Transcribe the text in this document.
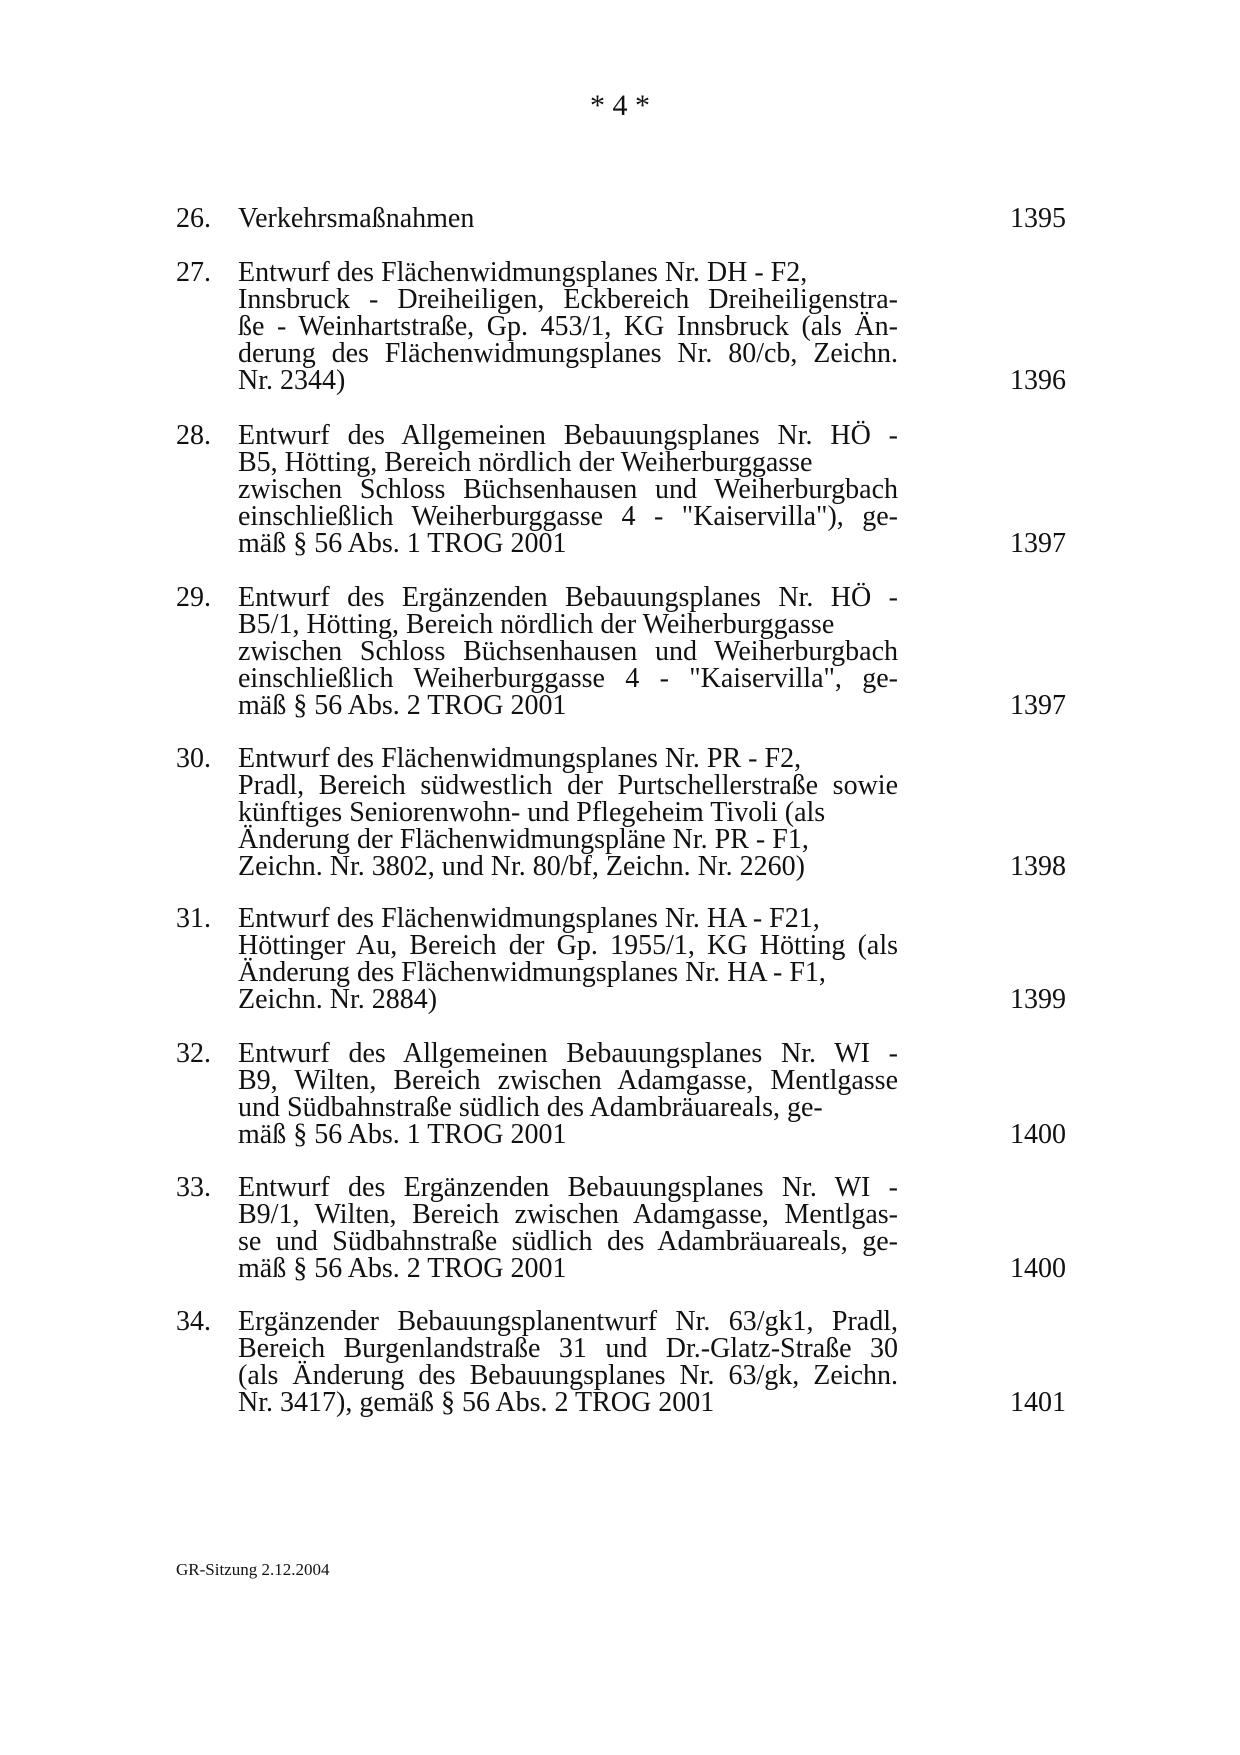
* 4 *
26. Verkehrsmaßnahmen	1395
27. Entwurf des Flächenwidmungsplanes Nr. DH - F2,
Innsbruck - Dreiheiligen, Eckbereich Dreiheiligenstra-
ße - Weinhartstraße, Gp. 453/1, KG Innsbruck (als Än-
derung des Flächenwidmungsplanes Nr. 80/cb, Zeichn.
Nr. 2344)	1396
28. Entwurf des Allgemeinen Bebauungsplanes Nr. HÖ -
B5, Hötting, Bereich nördlich der Weiherburggasse
zwischen Schloss Büchsenhausen und Weiherburgbach
einschließlich Weiherburggasse 4 - "Kaiservilla"), ge-
mäß § 56 Abs. 1 TROG 2001	1397
29. Entwurf des Ergänzenden Bebauungsplanes Nr. HÖ -
B5/1, Hötting, Bereich nördlich der Weiherburggasse
zwischen Schloss Büchsenhausen und Weiherburgbach
einschließlich Weiherburggasse 4 - "Kaiservilla", ge-
mäß § 56 Abs. 2 TROG 2001	1397
30. Entwurf des Flächenwidmungsplanes Nr. PR - F2,
Pradl, Bereich südwestlich der Purtschellerstraße sowie
künftiges Seniorenwohn- und Pflegeheim Tivoli (als
Änderung der Flächenwidmungspläne Nr. PR - F1,
Zeichn. Nr. 3802, und Nr. 80/bf, Zeichn. Nr. 2260)	1398
31. Entwurf des Flächenwidmungsplanes Nr. HA - F21,
Höttinger Au, Bereich der Gp. 1955/1, KG Hötting (als
Änderung des Flächenwidmungsplanes Nr. HA - F1,
Zeichn. Nr. 2884)	1399
32. Entwurf des Allgemeinen Bebauungsplanes Nr. WI -
B9, Wilten, Bereich zwischen Adamgasse, Mentlgasse
und Südbahnstraße südlich des Adambräuareals, ge-
mäß § 56 Abs. 1 TROG 2001	1400
33. Entwurf des Ergänzenden Bebauungsplanes Nr. WI -
B9/1, Wilten, Bereich zwischen Adamgasse, Mentlgas-
se und Südbahnstraße südlich des Adambräuareals, ge-
mäß § 56 Abs. 2 TROG 2001	1400
34. Ergänzender Bebauungsplanentwurf Nr. 63/gk1, Pradl,
Bereich Burgenlandstraße 31 und Dr.-Glatz-Straße 30
(als Änderung des Bebauungsplanes Nr. 63/gk, Zeichn.
Nr. 3417), gemäß § 56 Abs. 2 TROG 2001	1401
GR-Sitzung 2.12.2004
